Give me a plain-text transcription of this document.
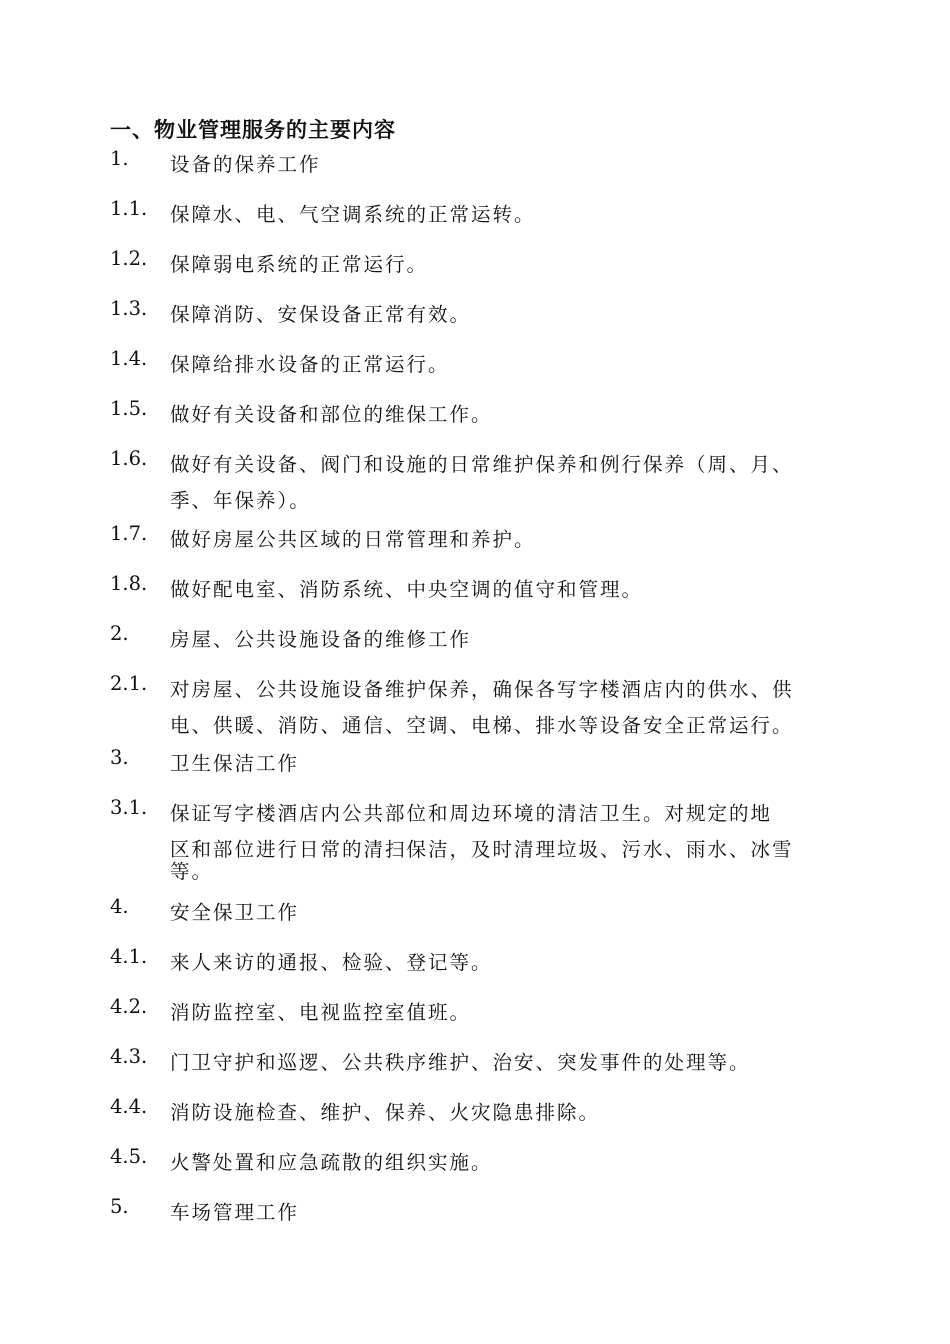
一、物业管理服务的主要内容
1.	设备的保养工作
1.1.	保障水、电、气空调系统的正常运转。
1.2.	保障弱电系统的正常运行。
1.3.	保障消防、安保设备正常有效。
1.4.	保障给排水设备的正常运行。
1.5.	做好有关设备和部位的维保工作。
1.6.	做好有关设备、阀门和设施的日常维护保养和例行保养（周、月、
季、年保养）。
1.7.	做好房屋公共区域的日常管理和养护。
1.8.	做好配电室、消防系统、中央空调的值守和管理。
2.	房屋、公共设施设备的维修工作
2.1.	对房屋、公共设施设备维护保养，确保各写字楼酒店内的供水、供
电、供暖、消防、通信、空调、电梯、排水等设备安全正常运行。
3.	卫生保洁工作
3.1.	保证写字楼酒店内公共部位和周边环境的清洁卫生。对规定的地
区和部位进行日常的清扫保洁，及时清理垃圾、污水、雨水、冰雪
等。
4.	安全保卫工作
4.1.	来人来访的通报、检验、登记等。
4.2.	消防监控室、电视监控室值班。
4.3.	门卫守护和巡逻、公共秩序维护、治安、突发事件的处理等。
4.4.	消防设施检查、维护、保养、火灾隐患排除。
4.5.	火警处置和应急疏散的组织实施。
5.	车场管理工作
